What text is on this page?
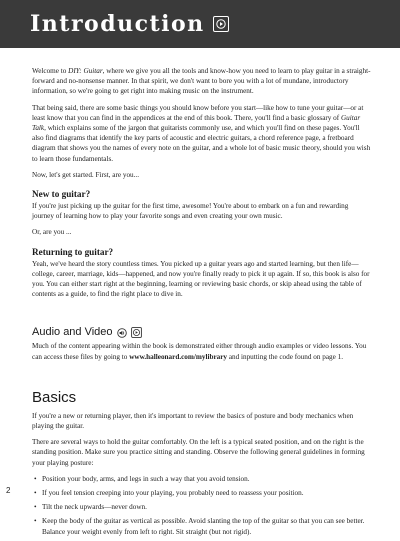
Introduction

Welcome to DIY: Guitar, where we give you all the tools and know-how you need to learn to play guitar in a straight-forward and no-nonsense manner. In that spirit, we don't want to bore you with a lot of mundane, introductory information, so we're going to get right into making music on the instrument.

That being said, there are some basic things you should know before you start—like how to tune your guitar—or at least know that you can find in the appendices at the end of this book. There, you'll find a basic glossary of Guitar Talk, which explains some of the jargon that guitarists commonly use, and which you'll find on these pages. You'll also find diagrams that identify the key parts of acoustic and electric guitars, a chord reference page, a fretboard diagram that shows you the names of every note on the guitar, and a whole lot of basic music theory, should you wish to learn those fundamentals.

Now, let's get started. First, are you...

New to guitar?

If you're just picking up the guitar for the first time, awesome! You're about to embark on a fun and rewarding journey of learning how to play your favorite songs and even creating your own music.

Or, are you ...

Returning to guitar?

Yeah, we've heard the story countless times. You picked up a guitar years ago and started learning, but then life—college, career, marriage, kids—happened, and now you're finally ready to pick it up again. If so, this book is also for you. You can either start right at the beginning, learning or reviewing basic chords, or skip ahead using the table of contents as a guide, to find the right place to dive in.

Audio and Video

Much of the content appearing within the book is demonstrated either through audio examples or video lessons. You can access these files by going to www.halleonard.com/mylibrary and inputting the code found on page 1.

Basics

If you're a new or returning player, then it's important to review the basics of posture and body mechanics when playing the guitar.

There are several ways to hold the guitar comfortably. On the left is a typical seated position, and on the right is the standing position. Make sure you practice sitting and standing. Observe the following general guidelines in forming your playing posture:

• Position your body, arms, and legs in such a way that you avoid tension.
• If you feel tension creeping into your playing, you probably need to reassess your position.
• Tilt the neck upwards—never down.
• Keep the body of the guitar as vertical as possible. Avoid slanting the top of the guitar so that you can see better. Balance your weight evenly from left to right. Sit straight (but not rigid).
2
